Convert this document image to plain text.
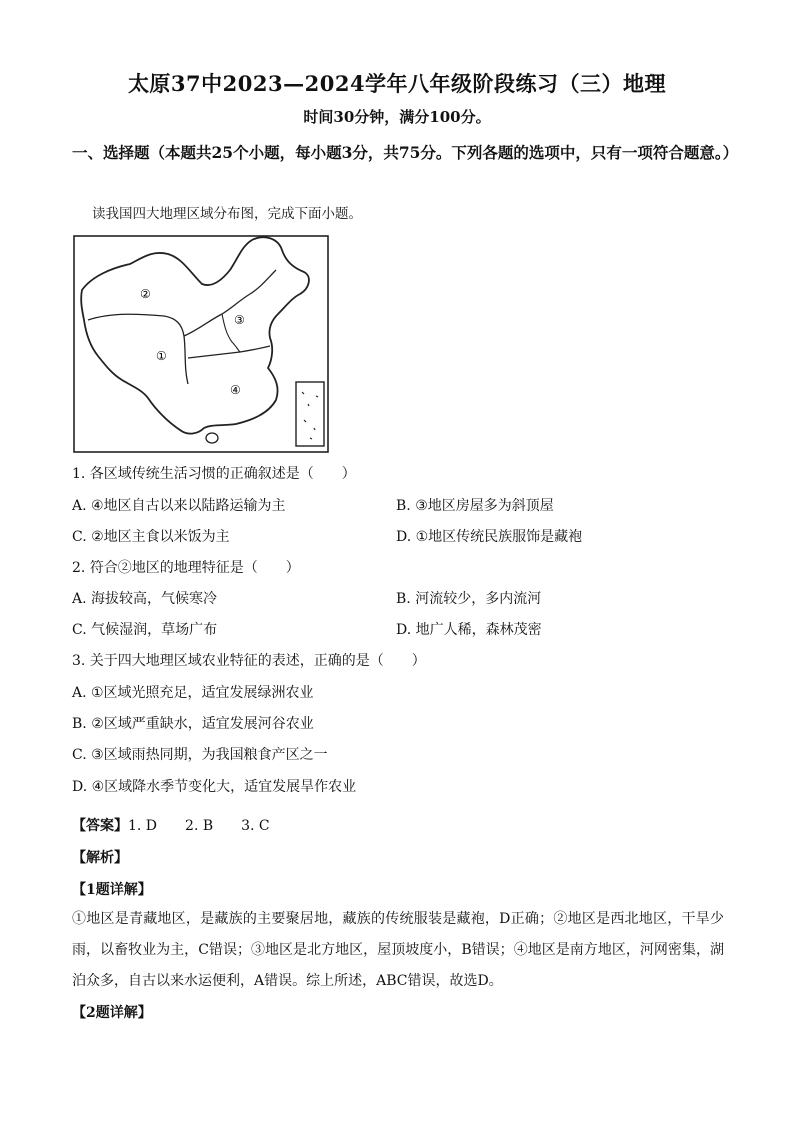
太原37中2023—2024学年八年级阶段练习（三）地理
时间30分钟，满分100分。
一、选择题（本题共25个小题，每小题3分，共75分。下列各题的选项中，只有一项符合题意。）
读我国四大地理区域分布图，完成下面小题。
②
①
③
④
1. 各区域传统生活习惯的正确叙述是（　　）
A. ④地区自古以来以陆路运输为主	B. ③地区房屋多为斜顶屋
C. ②地区主食以米饭为主	D. ①地区传统民族服饰是藏袍
2. 符合②地区的地理特征是（　　）
A. 海拔较高，气候寒冷	B. 河流较少，多内流河
C. 气候湿润，草场广布	D. 地广人稀，森林茂密
3. 关于四大地理区域农业特征的表述，正确的是（　　）
A. ①区域光照充足，适宜发展绿洲农业
B. ②区域严重缺水，适宜发展河谷农业
C. ③区域雨热同期，为我国粮食产区之一
D. ④区域降水季节变化大，适宜发展旱作农业
【答案】1. D　　2. B　　3. C
【解析】
【1题详解】
①地区是青藏地区，是藏族的主要聚居地，藏族的传统服装是藏袍，D正确；②地区是西北地区，干旱少雨，以畜牧业为主，C错误；③地区是北方地区，屋顶坡度小，B错误；④地区是南方地区，河网密集，湖泊众多，自古以来水运便利，A错误。综上所述，ABC错误，故选D。
【2题详解】
